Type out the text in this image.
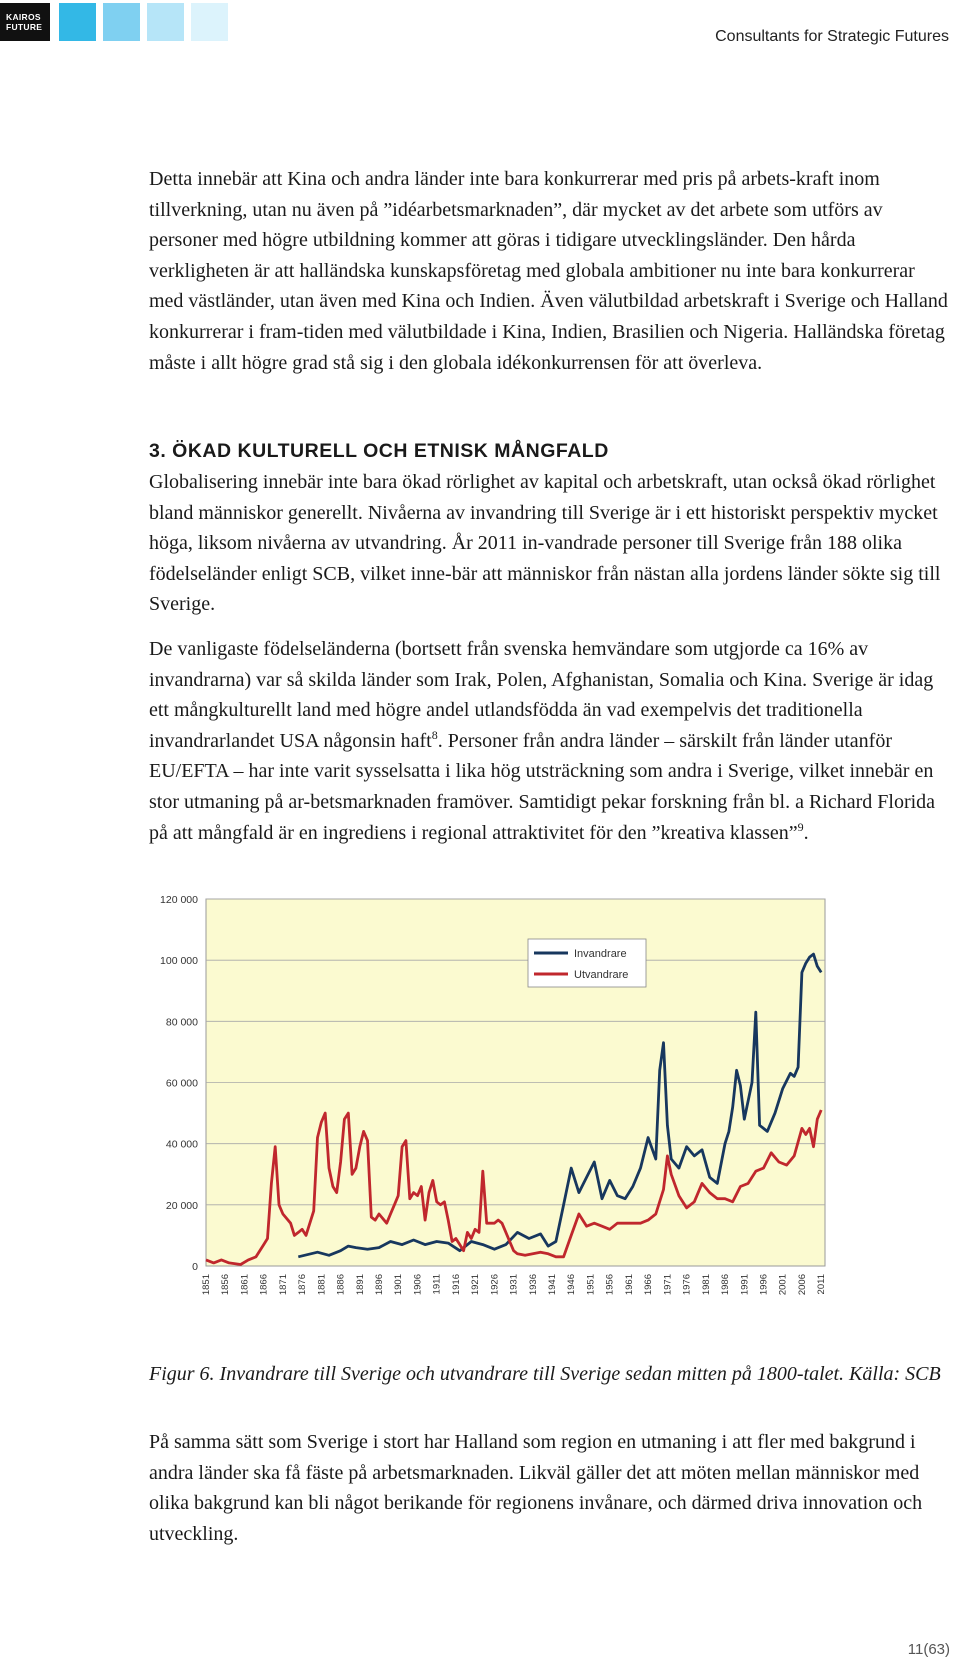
KAIROS
FUTURE
Consultants for Strategic Futures

Detta innebär att Kina och andra länder inte bara konkurrerar med pris på arbets-kraft inom tillverkning, utan nu även på ”idéarbetsmarknaden”, där mycket av det arbete som utförs av personer med högre utbildning kommer att göras i tidigare utvecklingsländer. Den hårda verkligheten är att halländska kunskapsföretag med globala ambitioner nu inte bara konkurrerar med västländer, utan även med Kina och Indien. Även välutbildad arbetskraft i Sverige och Halland konkurrerar i fram-tiden med välutbildade i Kina, Indien, Brasilien och Nigeria. Halländska företag måste i allt högre grad stå sig i den globala idékonkurrensen för att överleva.

3. ÖKAD KULTURELL OCH ETNISK MÅNGFALD

Globalisering innebär inte bara ökad rörlighet av kapital och arbetskraft, utan också ökad rörlighet bland människor generellt. Nivåerna av invandring till Sverige är i ett historiskt perspektiv mycket höga, liksom nivåerna av utvandring. År 2011 in-vandrade personer till Sverige från 188 olika födelseländer enligt SCB, vilket inne-bär att människor från nästan alla jordens länder sökte sig till Sverige.

De vanligaste födelseländerna (bortsett från svenska hemvändare som utgjorde ca 16% av invandrarna) var så skilda länder som Irak, Polen, Afghanistan, Somalia och Kina. Sverige är idag ett mångkulturellt land med högre andel utlandsfödda än vad exempelvis det traditionella invandrarlandet USA någonsin haft$^8$. Personer från andra länder – särskilt från länder utanför EU/EFTA – har inte varit sysselsatta i lika hög utsträckning som andra i Sverige, vilket innebär en stor utmaning på ar-betsmarknaden framöver. Samtidigt pekar forskning från bl. a Richard Florida på att mångfald är en ingrediens i regional attraktivitet för den ”kreativa klassen”$^9$.

0
20 000
40 000
60 000
80 000
100 000
120 000
1851 1856 1861 1866 1871 1876 1881 1886 1891 1896 1901 1906 1911 1916 1921 1926 1931 1936 1941 1946 1951 1956 1961 1966 1971 1976 1981 1986 1991 1996 2001 2006 2011
Invandrare
Utvandrare

Figur 6. Invandrare till Sverige och utvandrare till Sverige sedan mitten på 1800-talet. Källa: SCB

På samma sätt som Sverige i stort har Halland som region en utmaning i att fler med bakgrund i andra länder ska få fäste på arbetsmarknaden. Likväl gäller det att möten mellan människor med olika bakgrund kan bli något berikande för regionens invånare, och därmed driva innovation och utveckling.

11(63)
